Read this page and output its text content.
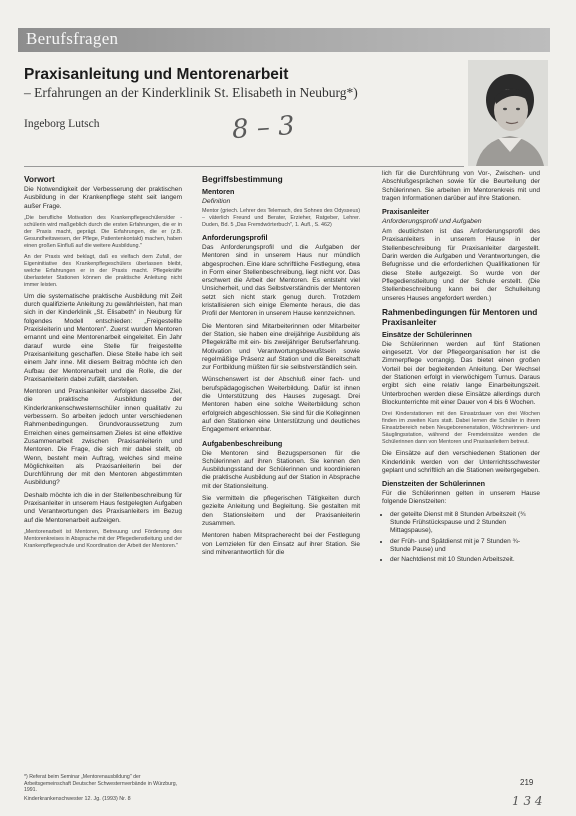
Berufsfragen
Praxisanleitung und Mentorenarbeit
– Erfahrungen an der Kinderklinik St. Elisabeth in Neuburg*)
Ingeborg Lutsch	8 – 3
Vorwort

Die Notwendigkeit der Verbesserung der praktischen Ausbildung in der Krankenpflege steht seit langem außer Frage.

„Die berufliche Motivation des Krankenpflegeschülers/der -schülerin wird maßgeblich durch die ersten Erfahrungen, die er in der Praxis macht, geprägt. Die Erfahrungen, die er (z.B. Gesundheitswesen, der Pflege, Patientenkontakt) machen, haben einen großen Einfluß auf die weitere Ausbildung."

An der Praxis wird beklagt, daß es vielfach dem Zufall, der Eigeninitiative des Krankenpflegeschülers überlassen bleibt, welche Erfahrungen er in der Praxis macht. Pflegekräfte überlasteter Stationen können die praktische Anleitung nicht immer leisten.

Um die systematische praktische Ausbildung mit Zeit durch qualifizierte Anleitung zu gewährleisten, hat man sich in der Kinderklinik „St. Elisabeth" in Neuburg für folgendes Modell entschieden: „Freigestellte Praxisleiterin und Mentoren". Zuerst wurden Mentoren ernannt und eine Mentorenarbeit eingeleitet. Ein Jahr darauf wurde eine Stelle für freigestellte Praxisanleitung geschaffen. Diese Stelle habe ich seit einem Jahr inne. Mit diesem Beitrag möchte ich den Aufbau der Mentorenarbeit und die Rolle, die der Praxisanleiterin dabei zufällt, darstellen.

Mentoren und Praxisanleiter verfolgen dasselbe Ziel, die praktische Ausbildung der Kinderkrankenschwesternschüler innen qualitativ zu verbessern. So arbeiten jedoch unter verschiedenen Rahmenbedingungen. Grundvoraussetzung zum Erreichen eines gemeinsamen Zieles ist eine effektive Zusammenarbeit zwischen Praxisanleiterin und Mentoren. Die Frage, die sich mir dabei stellt, ob Wenn, besteht mein Auftrag, welches sind meine Möglichkeiten als Praxisanleiterin bei der Durchführung der mit den Mentoren abgestimmten Ausbildung?

Deshalb möchte ich die in der Stellenbeschreibung für Praxisanleiter in unserem Haus festgelegten Aufgaben und Verantwortungen des Praxisanleiters im Bezug auf die Mentorenarbeit aufzeigen.

„Mentorenarbeit ist Mentoren, Betreuung und Förderung des Mentorenkreises in Absprache mit der Pflegedienstleitung und der Krankenpflegeschule und Koordination der Arbeit der Mentoren."

Begriffsbestimmung
Mentoren
Definition

Mentor (griech. Lehrer des Telemach, des Sohnes des Odysseus) – väterlich Freund und Berater, Erzieher, Ratgeber, Lehrer. Duden, Bd. 5 „Das Fremdwörterbuch", 1. Aufl., S. 462)

Anforderungsprofil

Das Anforderungsprofil und die Aufgaben der Mentoren sind in unserem Haus nur mündlich abgesprochen. Eine klare schriftliche Festlegung, etwa in Form einer Stellenbeschreibung, liegt nicht vor. Das erschwert die Arbeit der Mentoren. Es entsteht viel Unsicherheit, und das Selbstverständnis der Mentoren setzt sich nicht stark genug durch. Trotzdem kristallisieren sich einige Elemente heraus, die das Profil der Mentoren in unserem Hause kennzeichnen.

Die Mentoren sind Mitarbeiterinnen oder Mitarbeiter der Station, sie haben eine dreijährige Ausbildung als Pflegekräfte mit ein- bis zweijähriger Berufserfahrung. Motivation und Verantwortungsbewußtsein sowie regelmäßige Präsenz auf Station und die Bereitschaft zur Fortbildung müßten für sie selbstverständlich sein.

Wünschenswert ist der Abschluß einer fach- und berufspädagogischen Weiterbildung. Dafür ist ihnen die Unterstützung des Hauses zugesagt. Drei Mentoren haben eine solche Weiterbildung schon erfolgreich abgeschlossen. Sie sind für die Kolleginnen auf den Stationen eine Unterstützung und deutliches Engagement erkennbar.

Aufgabenbeschreibung

Die Mentoren sind Bezugspersonen für die Schülerinnen auf ihren Stationen. Sie kennen den Ausbildungsstand der Schülerinnen und koordinieren die praktische Ausbildung auf der Station in Absprache mit der Stationsleitung.

Sie vermitteln die pflegerischen Tätigkeiten durch gezielte Anleitung und Begleitung. Sie gestalten mit den Stationsleitern und der Praxisanleiterin zusammen.

Mentoren haben Mitspracherecht bei der Festlegung von Lernzielen für den Einsatz auf ihrer Station. Sie sind mitverantwortlich für die

lich für die Durchführung von Vor-, Zwischen- und Abschlußgesprächen sowie für die Beurteilung der Schülerinnen. Sie arbeiten im Mentorenkreis mit und tragen Informationen darüber auf ihre Stationen.

Praxisanleiter
Anforderungsprofil und Aufgaben

Am deutlichsten ist das Anforderungsprofil des Praxisanleiters in unserem Hause in der Stellenbeschreibung für Praxisanleiter dargestellt. Darin werden die Aufgaben und Verantwortungen, die Befugnisse und die erforderlichen Qualifikationen für diese Stelle aufgezeigt. So wurde von der Pflegedienstleitung und der Schule erstellt. (Die Stellenbeschreibung kann bei der Schulleitung unseres Hauses angefordert werden.)

Rahmenbedingungen für Mentoren und Praxisanleiter
Einsätze der Schülerinnen

Die Schülerinnen werden auf fünf Stationen eingesetzt. Vor der Pflegeorganisation her ist die Zimmerpflege vorrangig. Das bietet einen großen Vorteil bei der begleitenden Anleitung. Der Wechsel der Stationen erfolgt in vierwöchigem Turnus. Daraus ergibt sich eine relativ lange Einarbeitungszeit. Unterbrochen werden diese Einsätze allerdings durch Blockunterrichte mit einer Dauer von 4 bis 6 Wochen.

Drei Kinderstationen mit den Einsatzdauer von drei Wochen finden im zweiten Kurs statt. Dabei lernen die Schüler in ihrem Einsatzbereich neben Neugeborenenstation, Wöchnerinnen- und Säuglingsstation, während der Fremdeinsätze wenden die Schülerinnen dann von Mentoren und Praxisanleitern betreut.

Die Einsätze auf den verschiedenen Stationen der Kinderklinik werden von der Unterrichtsschwester geplant und schriftlich an die Stationen weitergegeben.

Dienstzeiten der Schülerinnen

Für die Schülerinnen gelten in unserem Hause folgende Dienstzeiten:

• der geteilte Dienst mit 8 Stunden Arbeitszeit (¾ Stunde Frühstückspause und 2 Stunden Mittagspause),
• der Früh- und Spätdienst mit je 7 Stunden ¾-Stunde Pause) und
• der Nachtdienst mit 10 Stunden Arbeitszeit.
*) Referat beim Seminar „Mentorenausbildung" der Arbeitsgemeinschaft Deutscher Schwesternverbände in Würzburg, 1991.
Kinderkrankenschwester 12. Jg. (1993) Nr. 8
219
1 3 4
